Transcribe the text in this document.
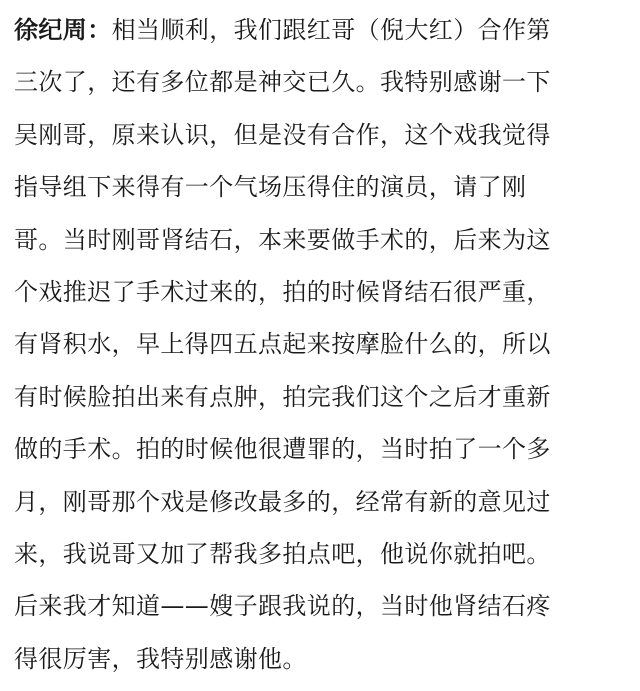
徐纪周：相当顺利，我们跟红哥（倪大红）合作第
三次了，还有多位都是神交已久。我特别感谢一下
吴刚哥，原来认识，但是没有合作，这个戏我觉得
指导组下来得有一个气场压得住的演员，请了刚
哥。当时刚哥肾结石，本来要做手术的，后来为这
个戏推迟了手术过来的，拍的时候肾结石很严重，
有肾积水，早上得四五点起来按摩脸什么的，所以
有时候脸拍出来有点肿，拍完我们这个之后才重新
做的手术。拍的时候他很遭罪的，当时拍了一个多
月，刚哥那个戏是修改最多的，经常有新的意见过
来，我说哥又加了帮我多拍点吧，他说你就拍吧。
后来我才知道——嫂子跟我说的，当时他肾结石疼
得很厉害，我特别感谢他。
